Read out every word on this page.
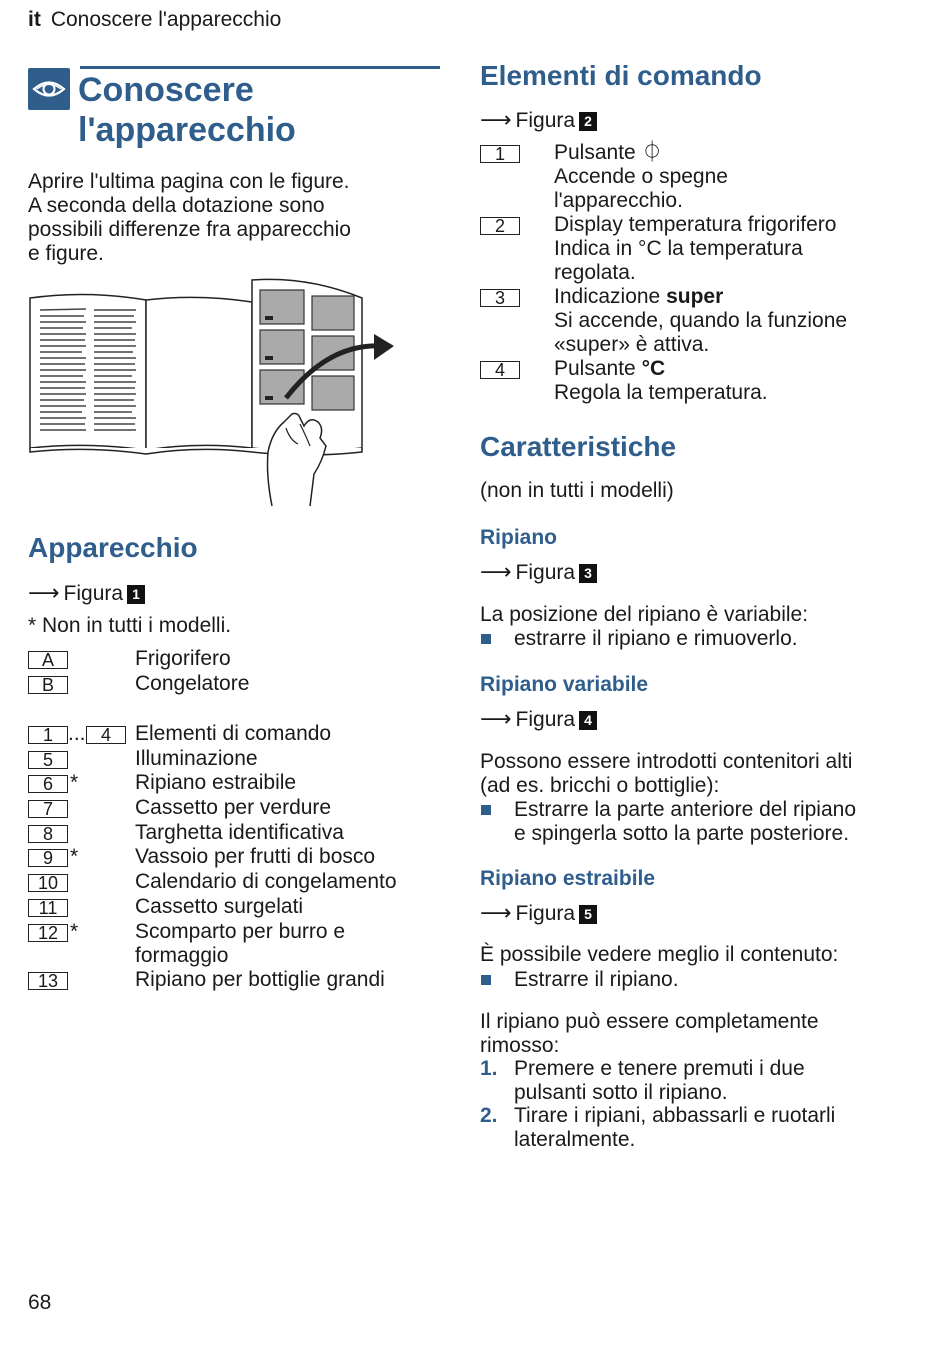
it Conoscere l'apparecchio
Conoscere
l'apparecchio
Aprire l'ultima pagina con le figure.
A seconda della dotazione sono
possibili differenze fra apparecchio
e figure.
Apparecchio
⟶ Figura 1
* Non in tutti i modelli.
A	Frigorifero
B	Congelatore
1 ... 4	Elementi di comando
5	Illuminazione
6 *	Ripiano estraibile
7	Cassetto per verdure
8	Targhetta identificativa
9 *	Vassoio per frutti di bosco
10	Calendario di congelamento
11	Cassetto surgelati
12 *	Scomparto per burro e
formaggio
13	Ripiano per bottiglie grandi
Elementi di comando
⟶ Figura 2
1	Pulsante ⏀
Accende o spegne
l'apparecchio.
2	Display temperatura frigorifero
Indica in °C la temperatura
regolata.
3	Indicazione super
Si accende, quando la funzione
«super» è attiva.
4	Pulsante °C
Regola la temperatura.
Caratteristiche
(non in tutti i modelli)
Ripiano
⟶ Figura 3
La posizione del ripiano è variabile:
estrarre il ripiano e rimuoverlo.
Ripiano variabile
⟶ Figura 4
Possono essere introdotti contenitori alti
(ad es. bricchi o bottiglie):
Estrarre la parte anteriore del ripiano
e spingerla sotto la parte posteriore.
Ripiano estraibile
⟶ Figura 5
È possibile vedere meglio il contenuto:
Estrarre il ripiano.
Il ripiano può essere completamente
rimosso:
1. Premere e tenere premuti i due
pulsanti sotto il ripiano.
2. Tirare i ripiani, abbassarli e ruotarli
lateralmente.
68
